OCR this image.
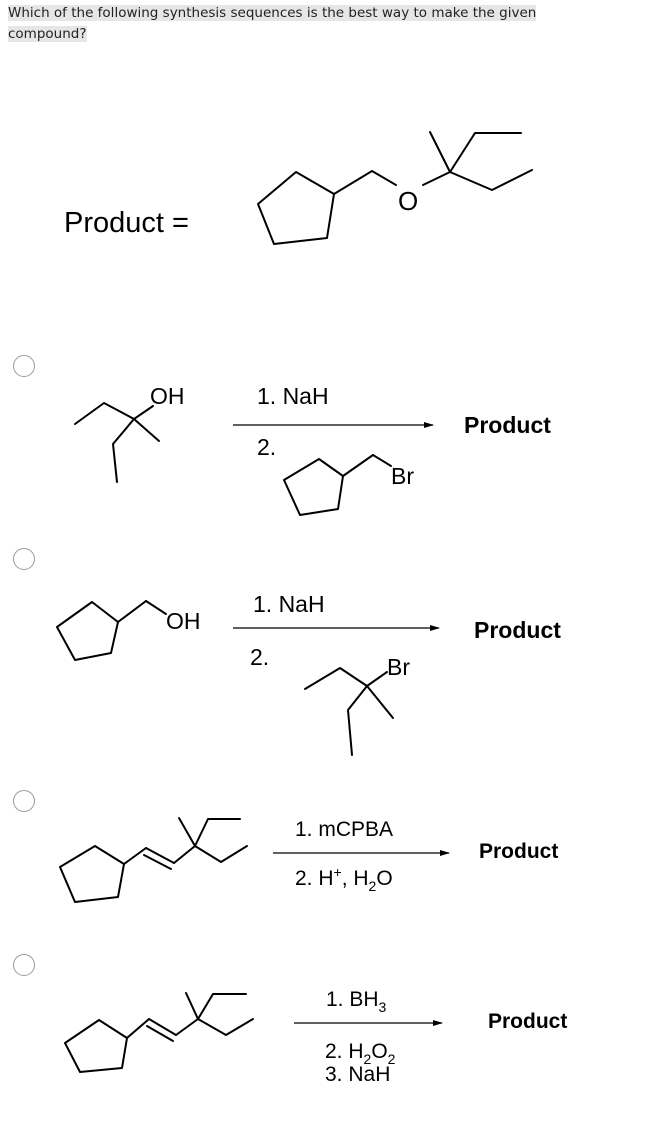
Which of the following synthesis sequences is the best way to make the given
compound?
Product =
O
OH	1. NaH
2.
Br
Product
OH
1. NaH
2.	Br
Product
1. mCPBA
2. H+, $H_2O$
Product
1. $BH_3$
2. $H_2O_2$
3. NaH
Product
